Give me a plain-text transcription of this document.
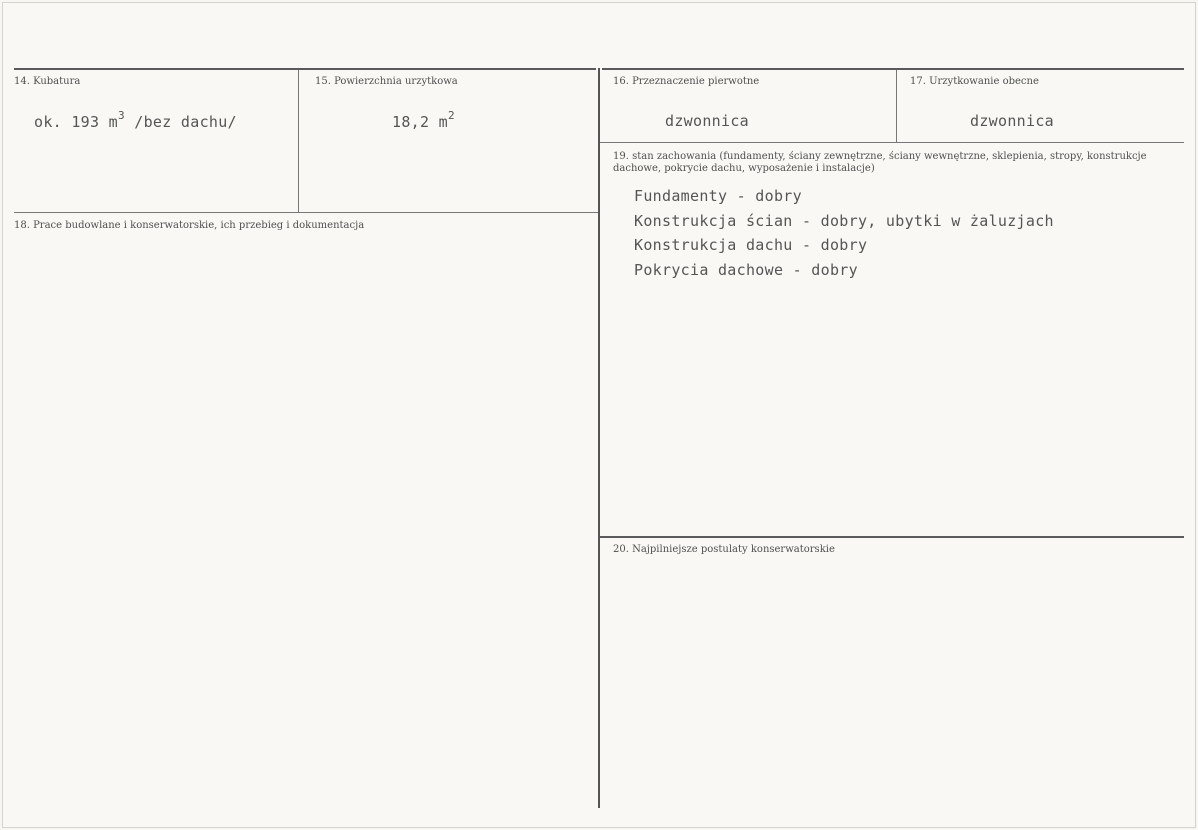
14. Kubatura
ok. 193 $m^3$ /bez dachu/
15. Powierzchnia urzytkowa
18,2 $m^2$
16. Przeznaczenie pierwotne
dzwonnica
17. Urzytkowanie obecne
dzwonnica
18. Prace budowlane i konserwatorskie, ich przebieg i dokumentacja
19. stan zachowania (fundamenty, ściany zewnętrzne, ściany wewnętrzne, sklepienia, stropy, konstrukcje dachowe, pokrycie dachu, wyposażenie i instalacje)
Fundamenty - dobry
Konstrukcja ścian - dobry, ubytki w żaluzjach
Konstrukcja dachu - dobry
Pokrycia dachowe - dobry
20. Najpilniejsze postulaty konserwatorskie
